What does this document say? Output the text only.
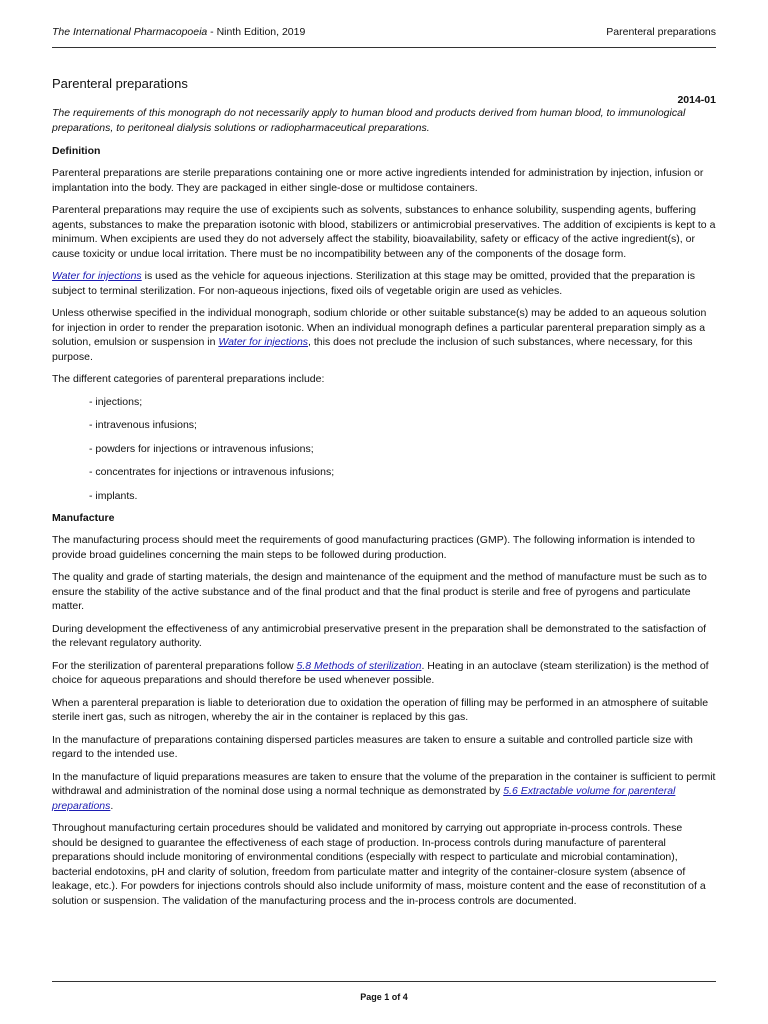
The International Pharmacopoeia - Ninth Edition, 2019	Parenteral preparations
Parenteral preparations
2014-01

The requirements of this monograph do not necessarily apply to human blood and products derived from human blood, to immunological preparations, to peritoneal dialysis solutions or radiopharmaceutical preparations.

Definition

Parenteral preparations are sterile preparations containing one or more active ingredients intended for administration by injection, infusion or implantation into the body. They are packaged in either single-dose or multidose containers.

Parenteral preparations may require the use of excipients such as solvents, substances to enhance solubility, suspending agents, buffering agents, substances to make the preparation isotonic with blood, stabilizers or antimicrobial preservatives. The addition of excipients is kept to a minimum. When excipients are used they do not adversely affect the stability, bioavailability, safety or efficacy of the active ingredient(s), or cause toxicity or undue local irritation. There must be no incompatibility between any of the components of the dosage form.

Water for injections is used as the vehicle for aqueous injections. Sterilization at this stage may be omitted, provided that the preparation is subject to terminal sterilization. For non-aqueous injections, fixed oils of vegetable origin are used as vehicles.

Unless otherwise specified in the individual monograph, sodium chloride or other suitable substance(s) may be added to an aqueous solution for injection in order to render the preparation isotonic. When an individual monograph defines a particular parenteral preparation simply as a solution, emulsion or suspension in Water for injections, this does not preclude the inclusion of such substances, where necessary, for this purpose.

The different categories of parenteral preparations include:

- injections;
- intravenous infusions;
- powders for injections or intravenous infusions;
- concentrates for injections or intravenous infusions;
- implants.
Manufacture

The manufacturing process should meet the requirements of good manufacturing practices (GMP). The following information is intended to provide broad guidelines concerning the main steps to be followed during production.

The quality and grade of starting materials, the design and maintenance of the equipment and the method of manufacture must be such as to ensure the stability of the active substance and of the final product and that the final product is sterile and free of pyrogens and particulate matter.

During development the effectiveness of any antimicrobial preservative present in the preparation shall be demonstrated to the satisfaction of the relevant regulatory authority.

For the sterilization of parenteral preparations follow 5.8 Methods of sterilization. Heating in an autoclave (steam sterilization) is the method of choice for aqueous preparations and should therefore be used whenever possible.

When a parenteral preparation is liable to deterioration due to oxidation the operation of filling may be performed in an atmosphere of suitable sterile inert gas, such as nitrogen, whereby the air in the container is replaced by this gas.

In the manufacture of preparations containing dispersed particles measures are taken to ensure a suitable and controlled particle size with regard to the intended use.

In the manufacture of liquid preparations measures are taken to ensure that the volume of the preparation in the container is sufficient to permit withdrawal and administration of the nominal dose using a normal technique as demonstrated by 5.6 Extractable volume for parenteral preparations.

Throughout manufacturing certain procedures should be validated and monitored by carrying out appropriate in-process controls. These should be designed to guarantee the effectiveness of each stage of production. In-process controls during manufacture of parenteral preparations should include monitoring of environmental conditions (especially with respect to particulate and microbial contamination), bacterial endotoxins, pH and clarity of solution, freedom from particulate matter and integrity of the container-closure system (absence of leakage, etc.). For powders for injections controls should also include uniformity of mass, moisture content and the ease of reconstitution of a solution or suspension. The validation of the manufacturing process and the in-process controls are documented.

Page 1 of 4
